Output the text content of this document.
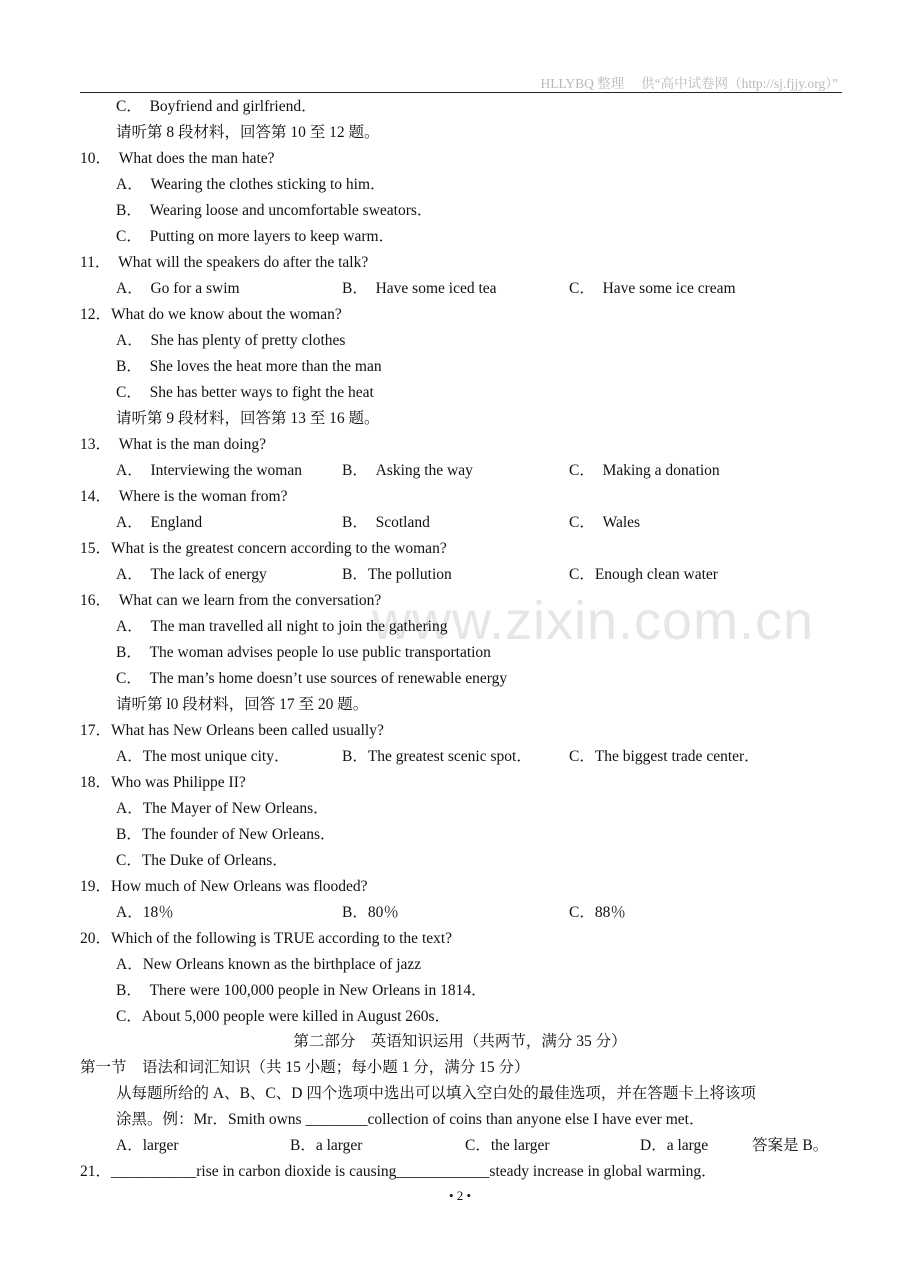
HLLYBQ 整理 　供“高中试卷网（http://sj.fjjy.org）”
www.zixin.com.cn
C．　Boyfriend and girlfriend．
请听第 8 段材料，回答第 10 至 12 题。
10．　What does the man hate?
A．　Wearing the clothes sticking to him．
B．　Wearing loose and uncomfortable sweators．
C．　Putting on more layers to keep warm．
11．　What will the speakers do after the talk?
A．　Go for a swim	B．　Have some iced tea	C．　Have some ice cream
12．What do we know about the woman?
A．　She has plenty of pretty clothes
B．　She loves the heat more than the man
C．　She has better ways to fight the heat
请听第 9 段材料，回答第 13 至 16 题。
13．　What is the man doing?
A．　Interviewing the woman	B．　Asking the way	C．　Making a donation
14．　Where is the woman from?
A．　England	B．　Scotland	C．　Wales
15．What is the greatest concern according to the woman?
A．　The lack of energy	B．The pollution	C．Enough clean water
16．　What can we learn from the conversation?
A．　The man travelled all night to join the gathering
B．　The woman advises people lo use public transportation
C．　The man’s home doesn’t use sources of renewable energy
请听第 l0 段材料，回答 17 至 20 题。
17．What has New Orleans been called usually?
A．The most unique city．	B．The greatest scenic spot． C．The biggest trade center．
18．Who was Philippe II?
A．The Mayer of New Orleans．
B．The founder of New Orleans．
C．The Duke of Orleans．
19．How much of New Orleans was flooded?
A．18％	B．80％	C．88％
20．Which of the following is TRUE according to the text?
A．New Orleans known as the birthplace of jazz
B．　There were 100,000 people in New Orleans in 1814．
C．About 5,000 people were killed in August 260s．
第二部分　英语知识运用（共两节，满分 35 分）
第一节　语法和词汇知识（共 15 小题；每小题 1 分，满分 15 分）
从每题所给的 A、B、C、D 四个选项中选出可以填入空白处的最佳选项，并在答题卡上将该项
涂黑。例：Mr．Smith owns ________collection of coins than anyone else I have ever met．
A．larger	B．a larger	C．the larger	D．a large	答案是 B。
21．___________rise in carbon dioxide is causing____________steady increase in global warming．
• 2 •
